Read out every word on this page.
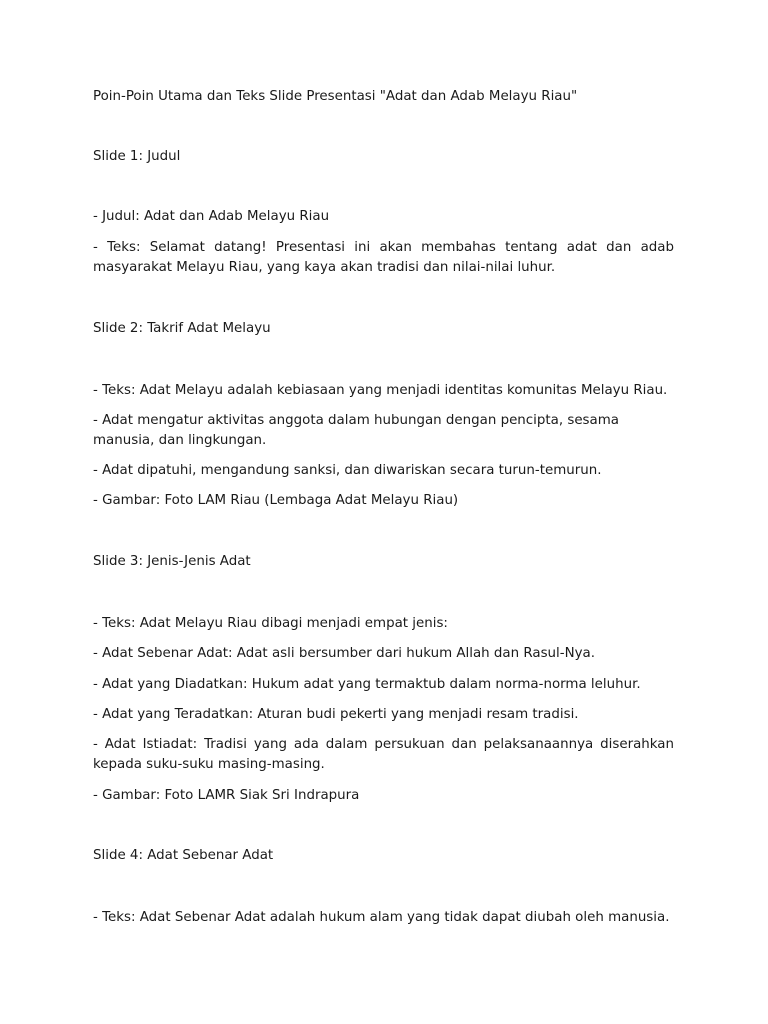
Poin-Poin Utama dan Teks Slide Presentasi "Adat dan Adab Melayu Riau"

Slide 1: Judul

- Judul: Adat dan Adab Melayu Riau

- Teks: Selamat datang! Presentasi ini akan membahas tentang adat dan adab masyarakat Melayu Riau, yang kaya akan tradisi dan nilai-nilai luhur.

Slide 2: Takrif Adat Melayu

- Teks: Adat Melayu adalah kebiasaan yang menjadi identitas komunitas Melayu Riau.

- Adat mengatur aktivitas anggota dalam hubungan dengan pencipta, sesama manusia, dan lingkungan.

- Adat dipatuhi, mengandung sanksi, dan diwariskan secara turun-temurun.

- Gambar: Foto LAM Riau (Lembaga Adat Melayu Riau)

Slide 3: Jenis-Jenis Adat

- Teks: Adat Melayu Riau dibagi menjadi empat jenis:

- Adat Sebenar Adat: Adat asli bersumber dari hukum Allah dan Rasul-Nya.

- Adat yang Diadatkan: Hukum adat yang termaktub dalam norma-norma leluhur.

- Adat yang Teradatkan: Aturan budi pekerti yang menjadi resam tradisi.

- Adat Istiadat: Tradisi yang ada dalam persukuan dan pelaksanaannya diserahkan kepada suku-suku masing-masing.

- Gambar: Foto LAMR Siak Sri Indrapura

Slide 4: Adat Sebenar Adat

- Teks: Adat Sebenar Adat adalah hukum alam yang tidak dapat diubah oleh manusia.
